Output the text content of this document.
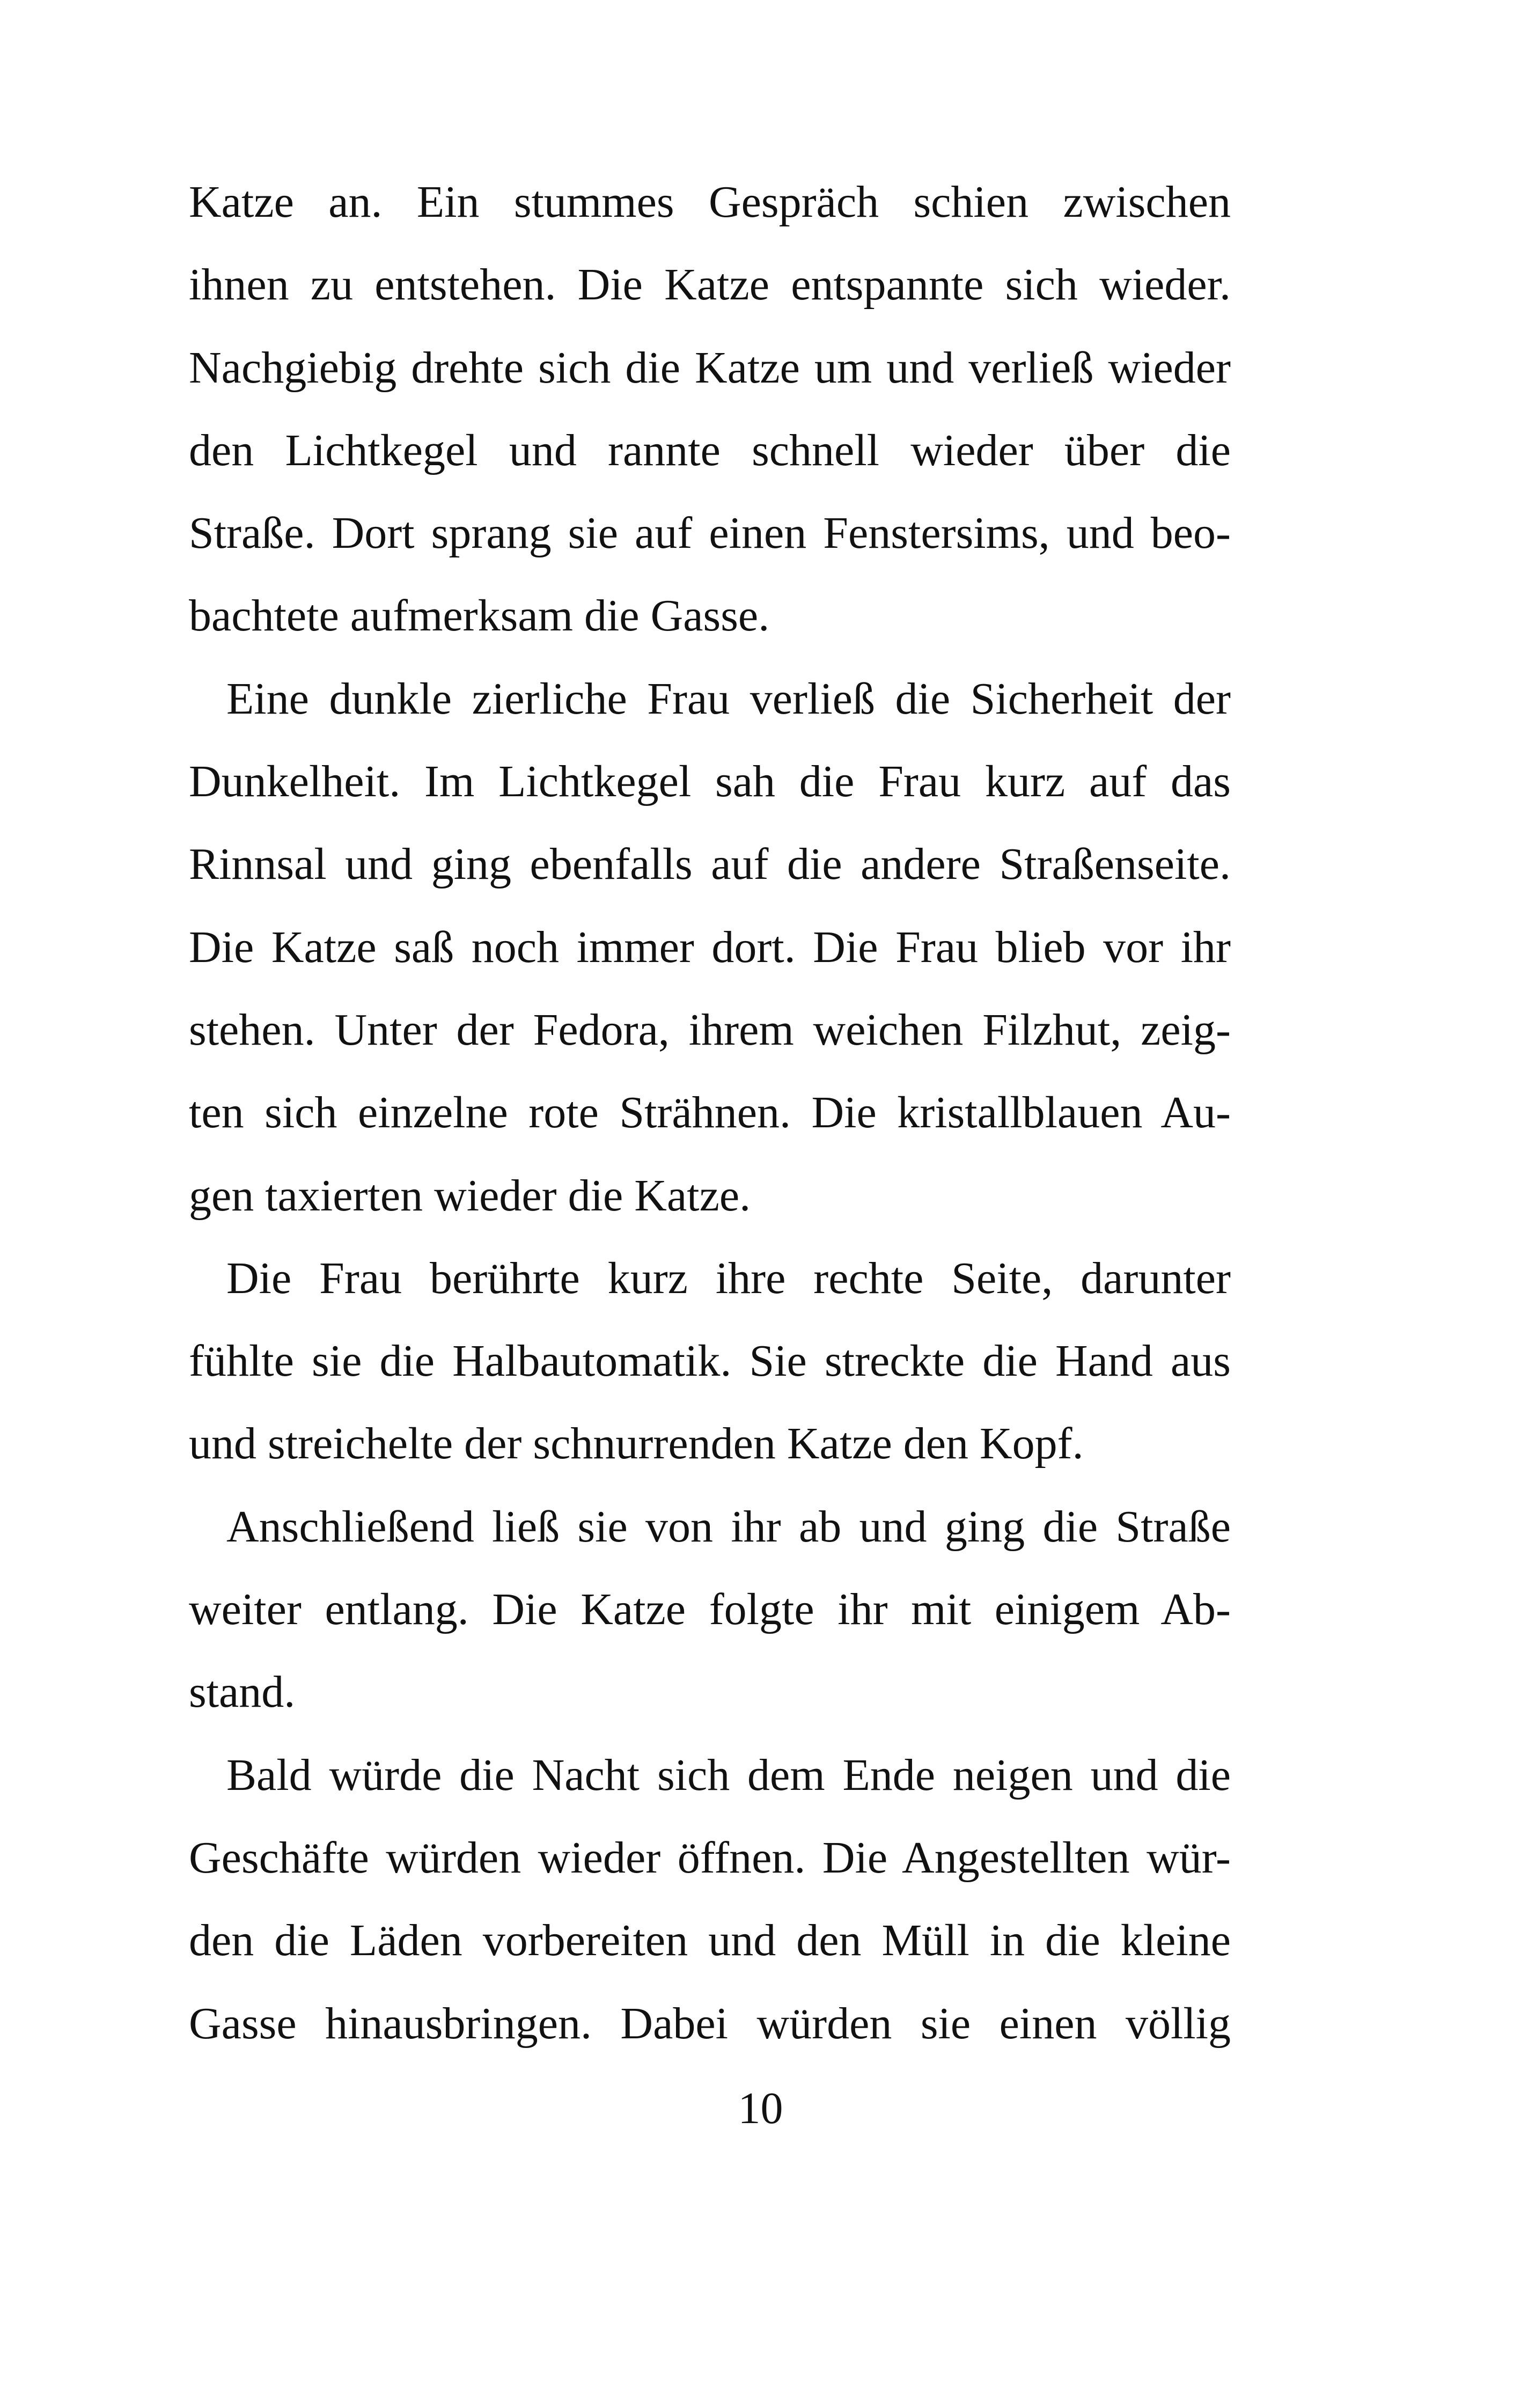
Katze an. Ein stummes Gespräch schien zwischen
ihnen zu entstehen. Die Katze entspannte sich wieder.
Nachgiebig drehte sich die Katze um und verließ wieder
den Lichtkegel und rannte schnell wieder über die
Straße. Dort sprang sie auf einen Fenstersims, und beo-
bachtete aufmerksam die Gasse.
Eine dunkle zierliche Frau verließ die Sicherheit der
Dunkelheit. Im Lichtkegel sah die Frau kurz auf das
Rinnsal und ging ebenfalls auf die andere Straßenseite.
Die Katze saß noch immer dort. Die Frau blieb vor ihr
stehen. Unter der Fedora, ihrem weichen Filzhut, zeig-
ten sich einzelne rote Strähnen. Die kristallblauen Au-
gen taxierten wieder die Katze.
Die Frau berührte kurz ihre rechte Seite, darunter
fühlte sie die Halbautomatik. Sie streckte die Hand aus
und streichelte der schnurrenden Katze den Kopf.
Anschließend ließ sie von ihr ab und ging die Straße
weiter entlang. Die Katze folgte ihr mit einigem Ab-
stand.
Bald würde die Nacht sich dem Ende neigen und die
Geschäfte würden wieder öffnen. Die Angestellten wür-
den die Läden vorbereiten und den Müll in die kleine
Gasse hinausbringen. Dabei würden sie einen völlig
10
